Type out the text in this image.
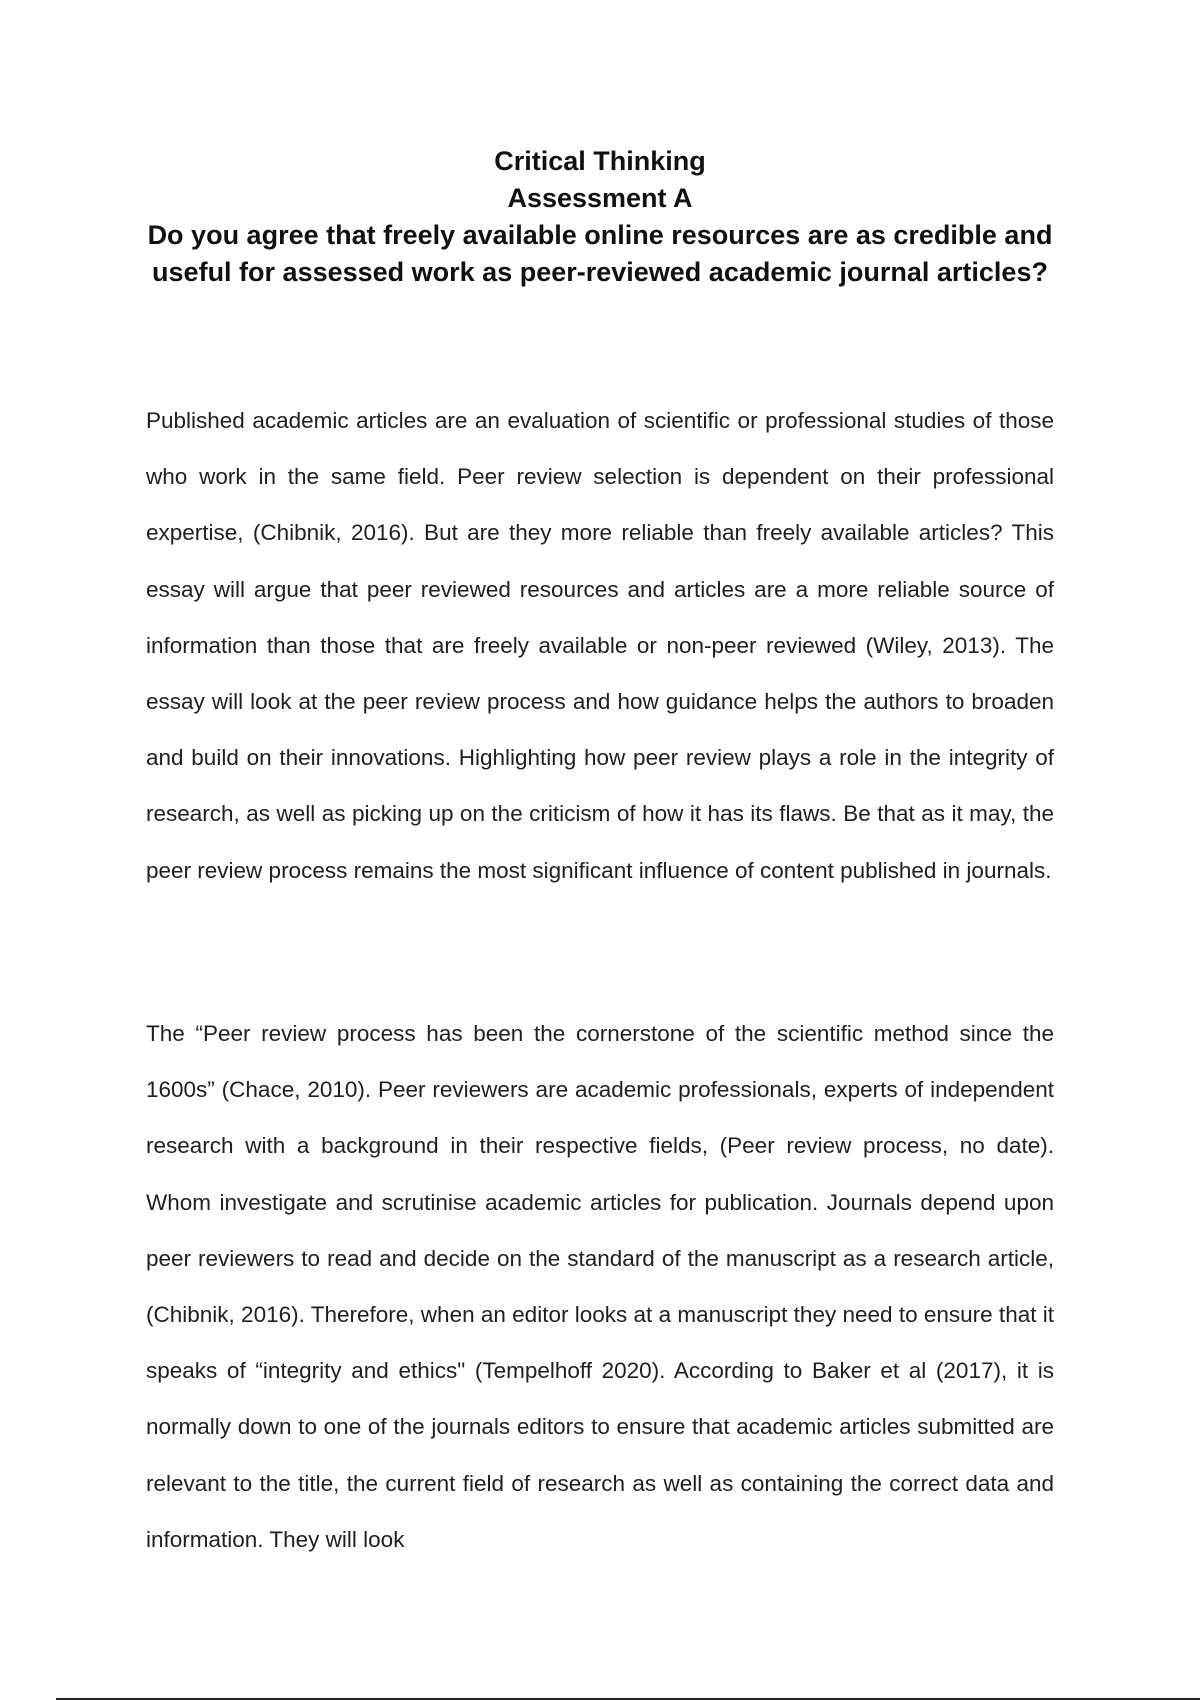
Critical Thinking
Assessment A
Do you agree that freely available online resources are as credible and useful for assessed work as peer-reviewed academic journal articles?

Published academic articles are an evaluation of scientific or professional studies of those who work in the same field. Peer review selection is dependent on their professional expertise, (Chibnik, 2016). But are they more reliable than freely available articles? This essay will argue that peer reviewed resources and articles are a more reliable source of information than those that are freely available or non-peer reviewed (Wiley, 2013). The essay will look at the peer review process and how guidance helps the authors to broaden and build on their innovations. Highlighting how peer review plays a role in the integrity of research, as well as picking up on the criticism of how it has its flaws. Be that as it may, the peer review process remains the most significant influence of content published in journals.

The “Peer review process has been the cornerstone of the scientific method since the 1600s” (Chace, 2010). Peer reviewers are academic professionals, experts of independent research with a background in their respective fields, (Peer review process, no date). Whom investigate and scrutinise academic articles for publication. Journals depend upon peer reviewers to read and decide on the standard of the manuscript as a research article, (Chibnik, 2016). Therefore, when an editor looks at a manuscript they need to ensure that it speaks of “integrity and ethics" (Tempelhoff 2020). According to Baker et al (2017), it is normally down to one of the journals editors to ensure that academic articles submitted are relevant to the title, the current field of research as well as containing the correct data and information. They will look
